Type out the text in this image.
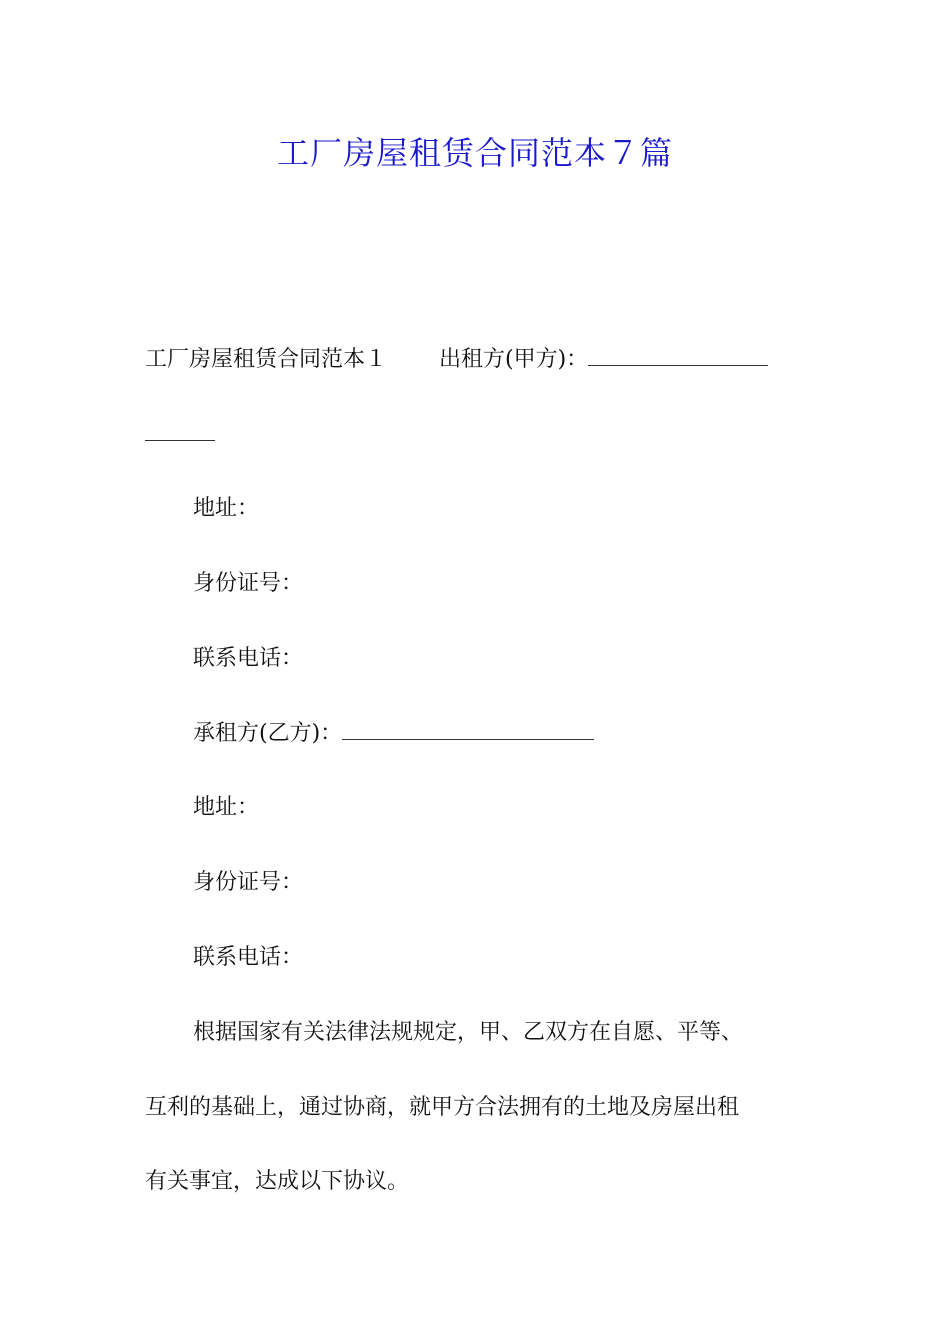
工厂房屋租赁合同范本７篇
工厂房屋租赁合同范本１ 出租方(甲方)：
地址：
身份证号：
联系电话：
承租方(乙方)：
地址：
身份证号：
联系电话：
根据国家有关法律法规规定，甲、乙双方在自愿、平等、
互利的基础上，通过协商，就甲方合法拥有的土地及房屋出租
有关事宜，达成以下协议。
